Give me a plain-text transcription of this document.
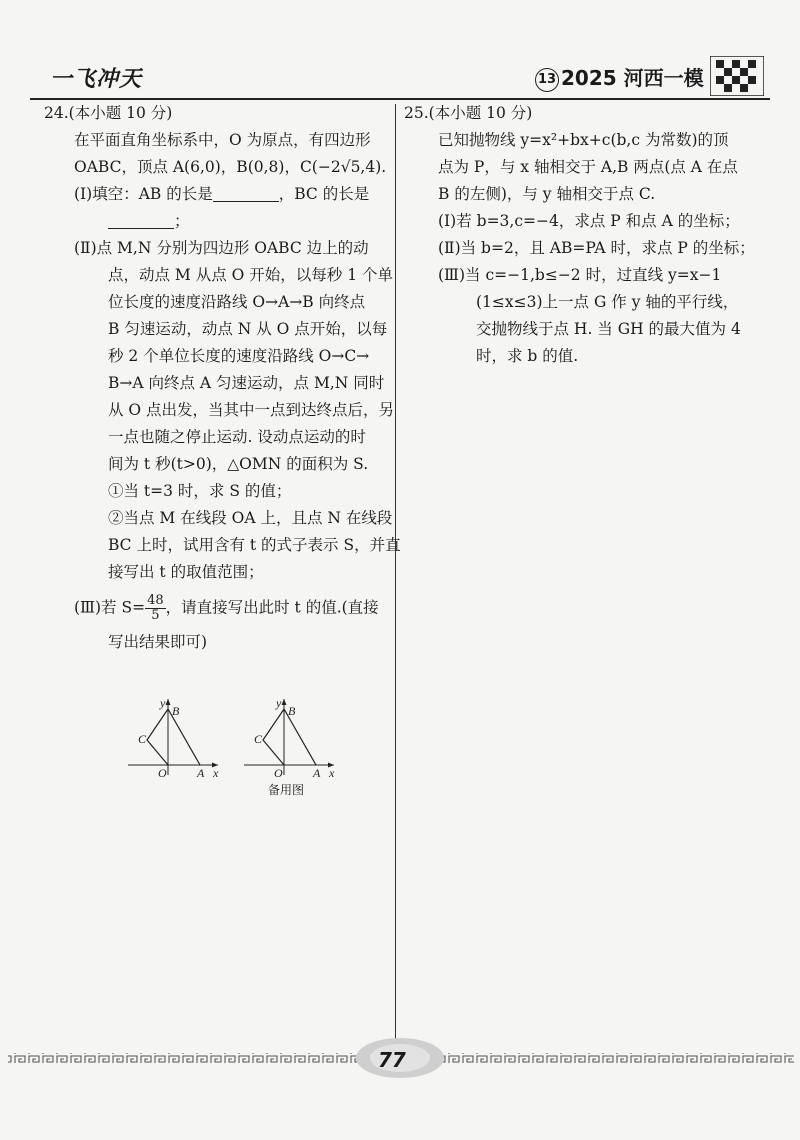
一飞冲天	13 2025 河西一模

24.(本小题 10 分)

在平面直角坐标系中，O 为原点，有四边形

OABC，顶点 A(6,0)，B(0,8)，C(−2√5,4).

(Ⅰ)填空：AB 的长是	，BC 的长是

；

(Ⅱ)点 M,N 分别为四边形 OABC 边上的动

点，动点 M 从点 O 开始，以每秒 1 个单

位长度的速度沿路线 O→A→B 向终点

B 匀速运动，动点 N 从 O 点开始，以每

秒 2 个单位长度的速度沿路线 O→C→

B→A 向终点 A 匀速运动，点 M,N 同时

从 O 点出发，当其中一点到达终点后，另

一点也随之停止运动. 设动点运动的时

间为 t 秒(t>0)，△OMN 的面积为 S.

①当 t=3 时，求 S 的值；

②当点 M 在线段 OA 上，且点 N 在线段

BC 上时，试用含有 t 的式子表示 S，并直

接写出 t 的取值范围；

(Ⅲ)若 $S= \frac{48}{5}$ ，请直接写出此时 t 的值.(直接

写出结果即可)

y
B
C
O	A x
y
B
C
O	A x
备用图

25.(本小题 10 分)

已知抛物线 y=x²+bx+c(b,c 为常数)的顶

点为 P，与 x 轴相交于 A,B 两点(点 A 在点

B 的左侧)，与 y 轴相交于点 C.

(Ⅰ)若 b=3,c=−4，求点 P 和点 A 的坐标；

(Ⅱ)当 b=2，且 AB=PA 时，求点 P 的坐标；

(Ⅲ)当 c=−1,b≤−2 时，过直线 y=x−1

(1≤x≤3)上一点 G 作 y 轴的平行线，

交抛物线于点 H. 当 GH 的最大值为 4

时，求 b 的值.

77
